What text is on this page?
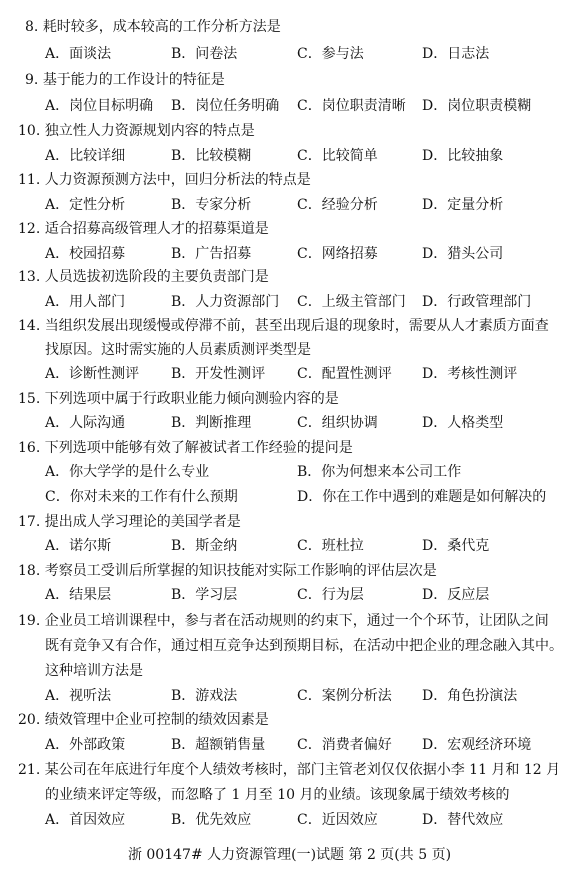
8. 耗时较多，成本较高的工作分析方法是
A．面谈法	B．问卷法	C．参与法	D．日志法
9. 基于能力的工作设计的特征是
A．岗位目标明确 B．岗位任务明确 C．岗位职责清晰 D．岗位职责模糊
10. 独立性人力资源规划内容的特点是
A．比较详细	B．比较模糊	C．比较简单	D．比较抽象
11. 人力资源预测方法中，回归分析法的特点是
A．定性分析	B．专家分析	C．经验分析	D．定量分析
12. 适合招募高级管理人才的招募渠道是
A．校园招募	B．广告招募	C．网络招募	D．猎头公司
13. 人员选拔初选阶段的主要负责部门是
A．用人部门	B．人力资源部门 C．上级主管部门 D．行政管理部门
14. 当组织发展出现缓慢或停滞不前，甚至出现后退的现象时，需要从人才素质方面查
找原因。这时需实施的人员素质测评类型是
A．诊断性测评 B．开发性测评 C．配置性测评 D．考核性测评
15. 下列选项中属于行政职业能力倾向测验内容的是
A．人际沟通	B．判断推理	C．组织协调	D．人格类型
16. 下列选项中能够有效了解被试者工作经验的提问是
A．你大学学的是什么专业	B．你为何想来本公司工作
C．你对未来的工作有什么预期	D．你在工作中遇到的难题是如何解决的
17. 提出成人学习理论的美国学者是
A．诺尔斯	B．斯金纳	C．班杜拉	D．桑代克
18. 考察员工受训后所掌握的知识技能对实际工作影响的评估层次是
A．结果层	B．学习层	C．行为层	D．反应层
19. 企业员工培训课程中，参与者在活动规则的约束下，通过一个个环节，让团队之间
既有竞争又有合作，通过相互竞争达到预期目标，在活动中把企业的理念融入其中。
这种培训方法是
A．视听法	B．游戏法	C．案例分析法 D．角色扮演法
20. 绩效管理中企业可控制的绩效因素是
A．外部政策	B．超额销售量 C．消费者偏好 D．宏观经济环境
21. 某公司在年底进行年度个人绩效考核时，部门主管老刘仅仅依据小李 11 月和 12 月
的业绩来评定等级，而忽略了 1 月至 10 月的业绩。该现象属于绩效考核的
A．首因效应	B．优先效应	C．近因效应	D．替代效应
浙 00147# 人力资源管理(一)试题 第 2 页(共 5 页)
